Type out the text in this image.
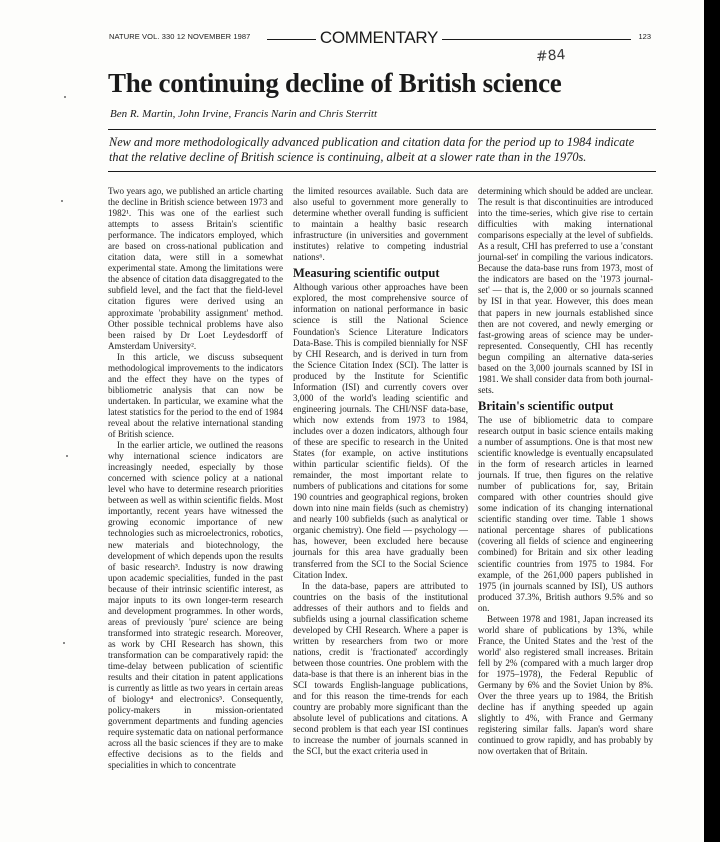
NATURE VOL. 330 12 NOVEMBER 1987	COMMENTARY	123
#84
The continuing decline of British science
Ben R. Martin, John Irvine, Francis Narin and Chris Sterritt
New and more methodologically advanced publication and citation data for the period up to 1984 indicate that the relative decline of British science is continuing, albeit at a slower rate than in the 1970s.

Two years ago, we published an article charting the decline in British science between 1973 and 1982¹. This was one of the earliest such attempts to assess Britain's scientific performance. The indicators employed, which are based on cross-national publication and citation data, were still in a somewhat experimental state. Among the limitations were the absence of citation data disaggregated to the subfield level, and the fact that the field-level citation figures were derived using an approximate 'probability assignment' method. Other possible technical problems have also been raised by Dr Loet Leydesdorff of Amsterdam University².

In this article, we discuss subsequent methodological improvements to the indicators and the effect they have on the types of bibliometric analysis that can now be undertaken. In particular, we examine what the latest statistics for the period to the end of 1984 reveal about the relative international standing of British science.

In the earlier article, we outlined the reasons why international science indicators are increasingly needed, especially by those concerned with science policy at a national level who have to determine research priorities between as well as within scientific fields. Most importantly, recent years have witnessed the growing economic importance of new technologies such as microelectronics, robotics, new materials and biotechnology, the development of which depends upon the results of basic research³. Industry is now drawing upon academic specialities, funded in the past because of their intrinsic scientific interest, as major inputs to its own longer-term research and development programmes. In other words, areas of previously 'pure' science are being transformed into strategic research. Moreover, as work by CHI Research has shown, this transformation can be comparatively rapid: the time-delay between publication of scientific results and their citation in patent applications is currently as little as two years in certain areas of biology⁴ and electronics⁵. Consequently, policy-makers in mission-orientated government departments and funding agencies require systematic data on national performance across all the basic sciences if they are to make effective decisions as to the fields and specialities in which to concentrate

the limited resources available. Such data are also useful to government more generally to determine whether overall funding is sufficient to maintain a healthy basic research infrastructure (in universities and government institutes) relative to competing industrial nations⁶.

Measuring scientific output

Although various other approaches have been explored, the most comprehensive source of information on national performance in basic science is still the National Science Foundation's Science Literature Indicators Data-Base. This is compiled biennially for NSF by CHI Research, and is derived in turn from the Science Citation Index (SCI). The latter is produced by the Institute for Scientific Information (ISI) and currently covers over 3,000 of the world's leading scientific and engineering journals. The CHI/NSF data-base, which now extends from 1973 to 1984, includes over a dozen indicators, although four of these are specific to research in the United States (for example, on active institutions within particular scientific fields). Of the remainder, the most important relate to numbers of publications and citations for some 190 countries and geographical regions, broken down into nine main fields (such as chemistry) and nearly 100 subfields (such as analytical or organic chemistry). One field — psychology — has, however, been excluded here because journals for this area have gradually been transferred from the SCI to the Social Science Citation Index.

In the data-base, papers are attributed to countries on the basis of the institutional addresses of their authors and to fields and subfields using a journal classification scheme developed by CHI Research. Where a paper is written by researchers from two or more nations, credit is 'fractionated' accordingly between those countries. One problem with the data-base is that there is an inherent bias in the SCI towards English-language publications, and for this reason the time-trends for each country are probably more significant than the absolute level of publications and citations. A second problem is that each year ISI continues to increase the number of journals scanned in the SCI, but the exact criteria used in

determining which should be added are unclear. The result is that discontinuities are introduced into the time-series, which give rise to certain difficulties with making international comparisons especially at the level of subfields. As a result, CHI has preferred to use a 'constant journal-set' in compiling the various indicators. Because the data-base runs from 1973, most of the indicators are based on the '1973 journal-set' — that is, the 2,000 or so journals scanned by ISI in that year. However, this does mean that papers in new journals established since then are not covered, and newly emerging or fast-growing areas of science may be under-represented. Consequently, CHI has recently begun compiling an alternative data-series based on the 3,000 journals scanned by ISI in 1981. We shall consider data from both journal-sets.

Britain's scientific output

The use of bibliometric data to compare research output in basic science entails making a number of assumptions. One is that most new scientific knowledge is eventually encapsulated in the form of research articles in learned journals. If true, then figures on the relative number of publications for, say, Britain compared with other countries should give some indication of its changing international scientific standing over time. Table 1 shows national percentage shares of publications (covering all fields of science and engineering combined) for Britain and six other leading scientific countries from 1975 to 1984. For example, of the 261,000 papers published in 1975 (in journals scanned by ISI), US authors produced 37.3%, British authors 9.5% and so on.

Between 1978 and 1981, Japan increased its world share of publications by 13%, while France, the United States and the 'rest of the world' also registered small increases. Britain fell by 2% (compared with a much larger drop for 1975–1978), the Federal Republic of Germany by 6% and the Soviet Union by 8%. Over the three years up to 1984, the British decline has if anything speeded up again slightly to 4%, with France and Germany registering similar falls. Japan's word share continued to grow rapidly, and has probably by now overtaken that of Britain.
